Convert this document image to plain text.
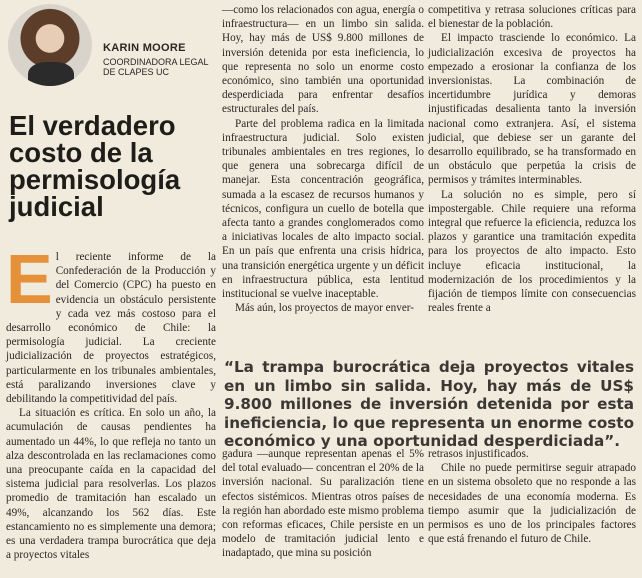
KARIN MOORE
COORDINADORA LEGAL DE CLAPES UC
El verdadero costo de la permisología judicial

El reciente informe de la Confederación de la Producción y del Comercio (CPC) ha puesto en evidencia un obstáculo persistente y cada vez más costoso para el desarrollo económico de Chile: la permisología judicial. La creciente judicialización de proyectos estratégicos, particularmente en los tribunales ambientales, está paralizando inversiones clave y debilitando la competitividad del país.

La situación es crítica. En solo un año, la acumulación de causas pendientes ha aumentado un 44%, lo que refleja no tanto un alza descontrolada en las reclamaciones como una preocupante caída en la capacidad del sistema judicial para resolverlas. Los plazos promedio de tramitación han escalado un 49%, alcanzando los 562 días. Este estancamiento no es simplemente una demora; es una verdadera trampa burocrática que deja a proyectos vitales

—como los relacionados con agua, energía o infraestructura— en un limbo sin salida. Hoy, hay más de US$ 9.800 millones de inversión detenida por esta ineficiencia, lo que representa no solo un enorme costo económico, sino también una oportunidad desperdiciada para enfrentar desafíos estructurales del país.

Parte del problema radica en la limitada infraestructura judicial. Solo existen tribunales ambientales en tres regiones, lo que genera una sobrecarga difícil de manejar. Esta concentración geográfica, sumada a la escasez de recursos humanos y técnicos, configura un cuello de botella que afecta tanto a grandes conglomerados como a iniciativas locales de alto impacto social. En un país que enfrenta una crisis hídrica, una transición energética urgente y un déficit en infraestructura pública, esta lentitud institucional se vuelve inaceptable.

Más aún, los proyectos de mayor enver-

competitiva y retrasa soluciones críticas para el bienestar de la población.

El impacto trasciende lo económico. La judicialización excesiva de proyectos ha empezado a erosionar la confianza de los inversionistas. La combinación de incertidumbre jurídica y demoras injustificadas desalienta tanto la inversión nacional como extranjera. Así, el sistema judicial, que debiese ser un garante del desarrollo equilibrado, se ha transformado en un obstáculo que perpetúa la crisis de permisos y trámites interminables.

La solución no es simple, pero sí impostergable. Chile requiere una reforma integral que refuerce la eficiencia, reduzca los plazos y garantice una tramitación expedita para los proyectos de alto impacto. Esto incluye eficacia institucional, la modernización de los procedimientos y la fijación de tiempos límite con consecuencias reales frente a

“La trampa burocrática deja proyectos vitales en un limbo sin salida. Hoy, hay más de US$ 9.800 millones de inversión detenida por esta ineficiencia, lo que representa un enorme costo económico y una oportunidad desperdiciada”.

gadura —aunque representan apenas el 5% del total evaluado— concentran el 20% de la inversión nacional. Su paralización tiene efectos sistémicos. Mientras otros países de la región han abordado este mismo problema con reformas eficaces, Chile persiste en un modelo de tramitación judicial lento e inadaptado, que mina su posición

retrasos injustificados.

Chile no puede permitirse seguir atrapado en un sistema obsoleto que no responde a las necesidades de una economía moderna. Es tiempo asumir que la judicialización de permisos es uno de los principales factores que está frenando el futuro de Chile.
